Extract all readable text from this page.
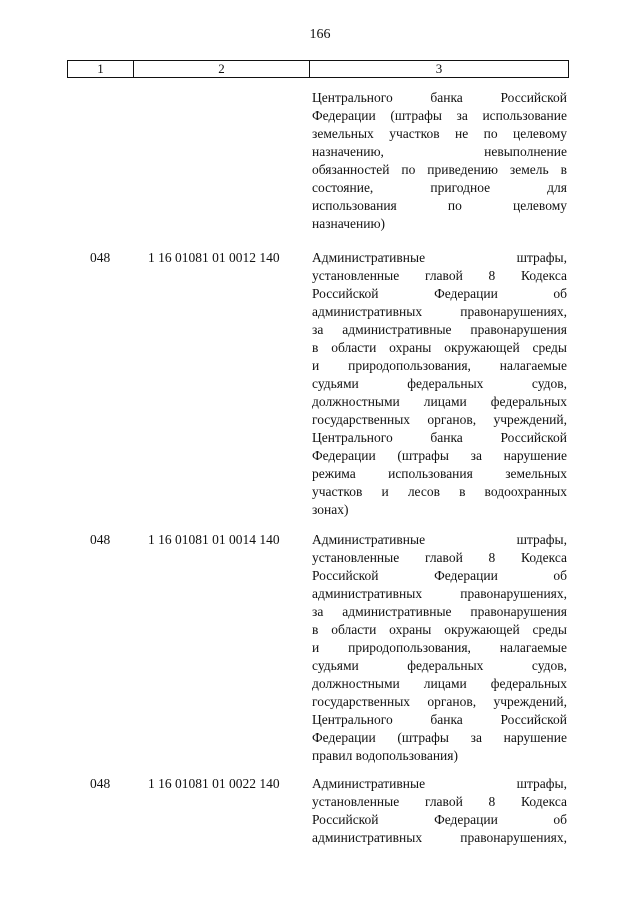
166
1	2	3
Центрального банка Российской
Федерации (штрафы за использование
земельных участков не по целевому
назначению, невыполнение
обязанностей по приведению земель в
состояние, пригодное для
использования по целевому
назначению)
048	1 16 01081 01 0012 140 Административные штрафы,
установленные главой 8 Кодекса
Российской Федерации об
административных правонарушениях,
за административные правонарушения
в области охраны окружающей среды
и природопользования, налагаемые
судьями федеральных судов,
должностными лицами федеральных
государственных органов, учреждений,
Центрального банка Российской
Федерации (штрафы за нарушение
режима использования земельных
участков и лесов в водоохранных
зонах)
048	1 16 01081 01 0014 140 Административные штрафы,
установленные главой 8 Кодекса
Российской Федерации об
административных правонарушениях,
за административные правонарушения
в области охраны окружающей среды
и природопользования, налагаемые
судьями федеральных судов,
должностными лицами федеральных
государственных органов, учреждений,
Центрального банка Российской
Федерации (штрафы за нарушение
правил водопользования)
048	1 16 01081 01 0022 140 Административные штрафы,
установленные главой 8 Кодекса
Российской Федерации об
административных правонарушениях,
